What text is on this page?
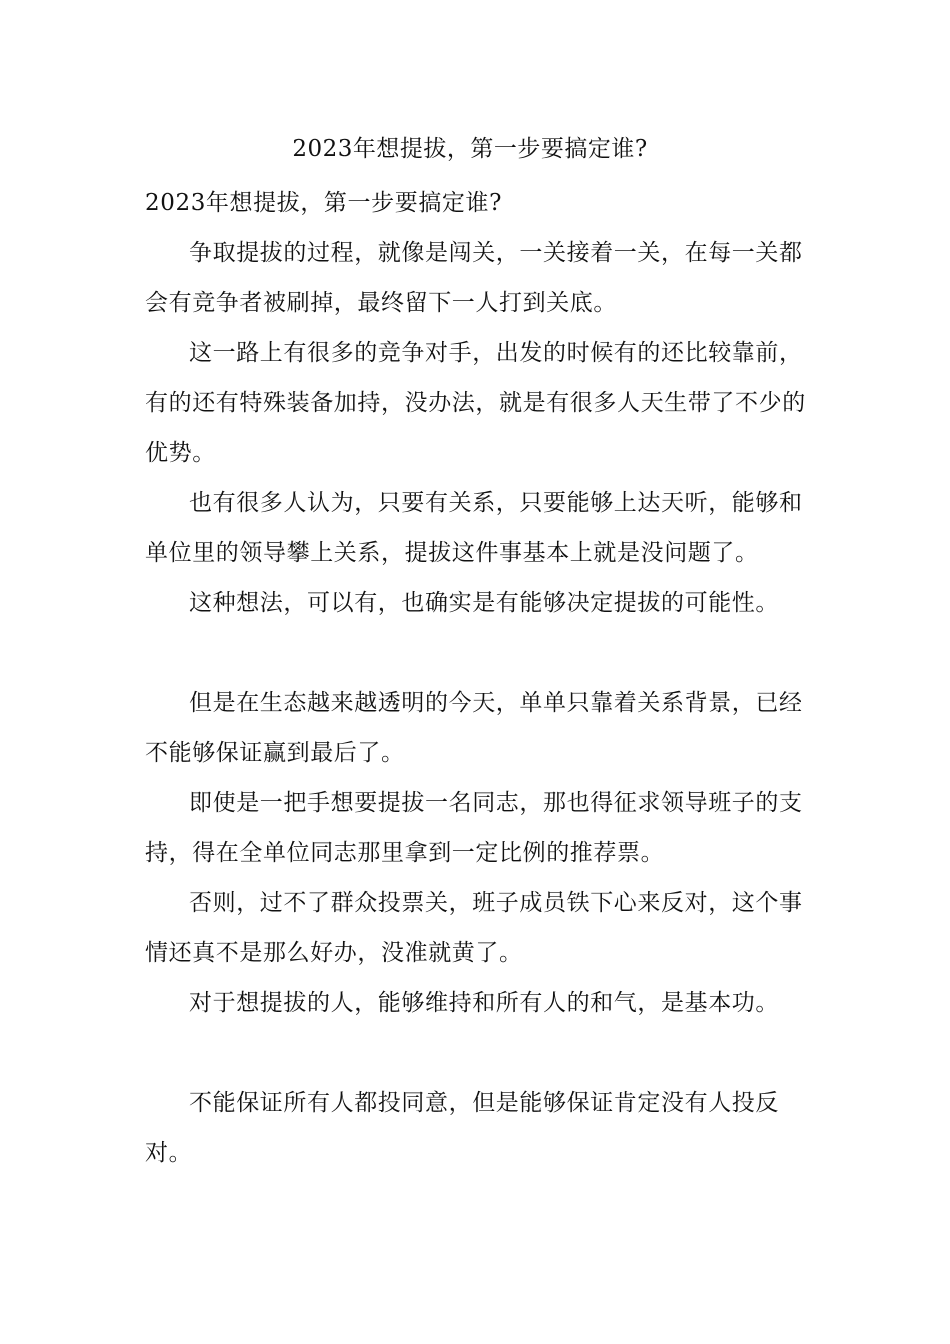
2023年想提拔，第一步要搞定谁?

2023年想提拔，第一步要搞定谁?

争取提拔的过程，就像是闯关，一关接着一关，在每一关都会有竞争者被刷掉，最终留下一人打到关底。

这一路上有很多的竞争对手，出发的时候有的还比较靠前，有的还有特殊装备加持，没办法，就是有很多人天生带了不少的优势。

也有很多人认为，只要有关系，只要能够上达天听，能够和单位里的领导攀上关系，提拔这件事基本上就是没问题了。

这种想法，可以有，也确实是有能够决定提拔的可能性。

但是在生态越来越透明的今天，单单只靠着关系背景，已经不能够保证赢到最后了。

即使是一把手想要提拔一名同志，那也得征求领导班子的支持，得在全单位同志那里拿到一定比例的推荐票。

否则，过不了群众投票关，班子成员铁下心来反对，这个事情还真不是那么好办，没准就黄了。

对于想提拔的人，能够维持和所有人的和气，是基本功。

不能保证所有人都投同意，但是能够保证肯定没有人投反对。
